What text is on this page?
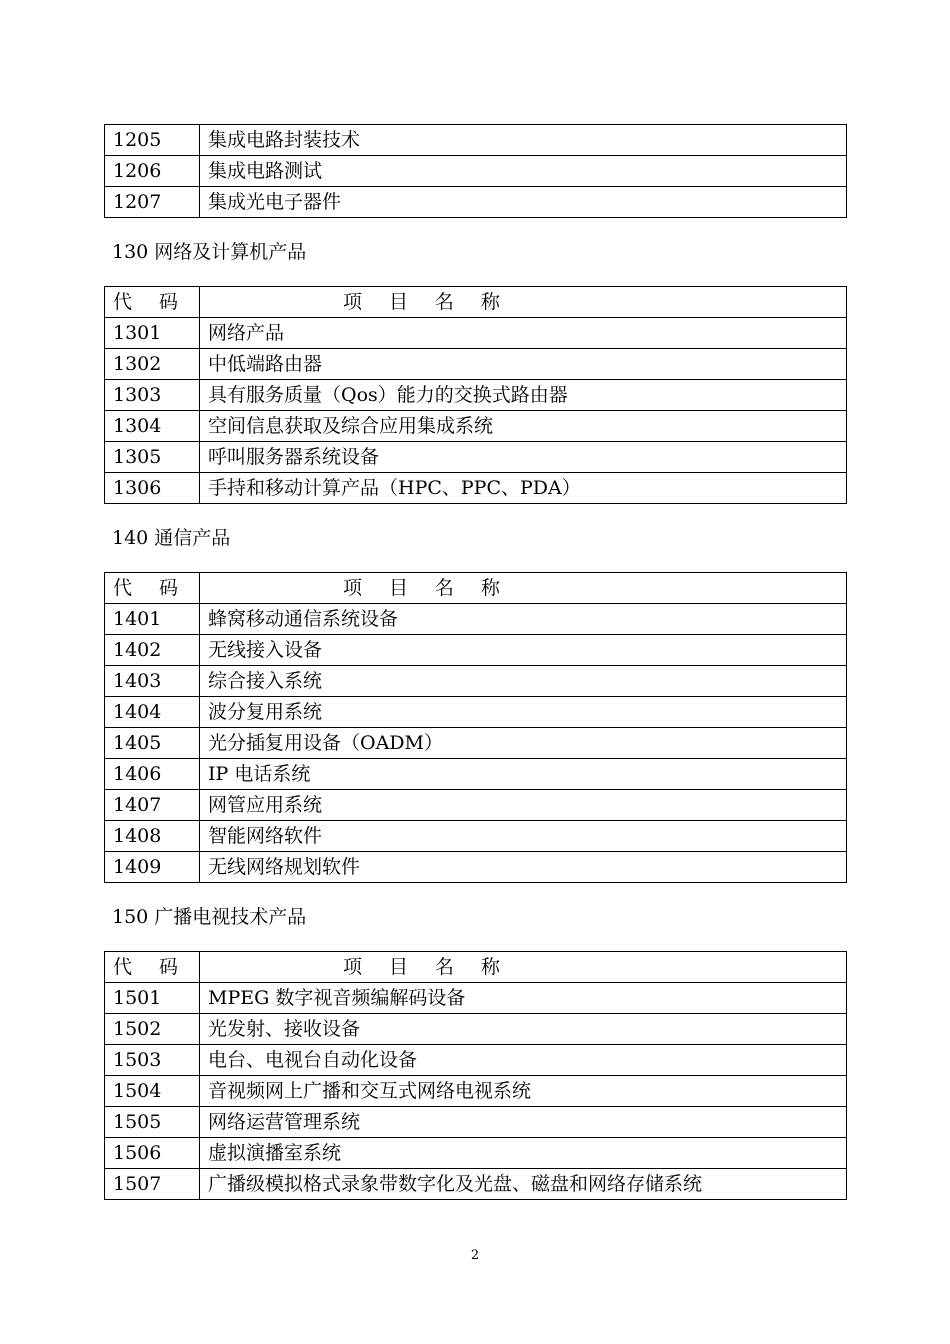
1205	集成电路封装技术
1206	集成电路测试
1207	集成光电子器件
130 网络及计算机产品
代 码	项 目 名 称
1301	网络产品
1302	中低端路由器
1303	具有服务质量（Qos）能力的交换式路由器
1304	空间信息获取及综合应用集成系统
1305	呼叫服务器系统设备
1306	手持和移动计算产品（HPC、PPC、PDA）
140 通信产品
代 码	项 目 名 称
1401	蜂窝移动通信系统设备
1402	无线接入设备
1403	综合接入系统
1404	波分复用系统
1405	光分插复用设备（OADM）
1406	IP 电话系统
1407	网管应用系统
1408	智能网络软件
1409	无线网络规划软件
150 广播电视技术产品
代 码	项 目 名 称
1501	MPEG 数字视音频编解码设备
1502	光发射、接收设备
1503	电台、电视台自动化设备
1504	音视频网上广播和交互式网络电视系统
1505	网络运营管理系统
1506	虚拟演播室系统
1507	广播级模拟格式录象带数字化及光盘、磁盘和网络存储系统
2
